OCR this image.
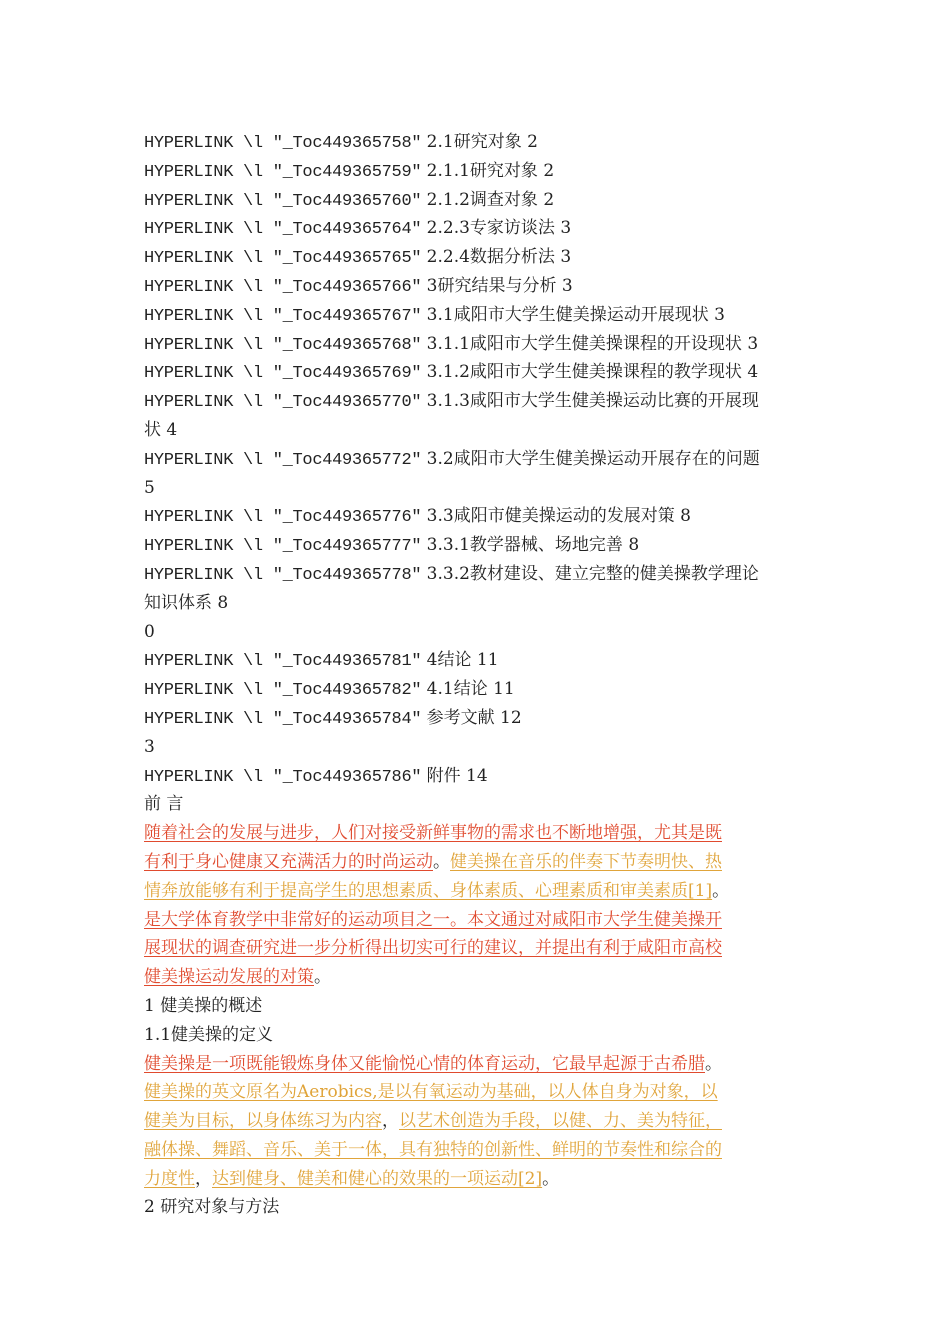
HYPERLINK \l "_Toc449365758" 2.1研究对象 2
HYPERLINK \l "_Toc449365759" 2.1.1研究对象 2
HYPERLINK \l "_Toc449365760" 2.1.2调查对象 2
HYPERLINK \l "_Toc449365764" 2.2.3专家访谈法 3
HYPERLINK \l "_Toc449365765" 2.2.4数据分析法 3
HYPERLINK \l "_Toc449365766" 3研究结果与分析 3
HYPERLINK \l "_Toc449365767" 3.1咸阳市大学生健美操运动开展现状 3
HYPERLINK \l "_Toc449365768" 3.1.1咸阳市大学生健美操课程的开设现状 3
HYPERLINK \l "_Toc449365769" 3.1.2咸阳市大学生健美操课程的教学现状 4
HYPERLINK \l "_Toc449365770" 3.1.3咸阳市大学生健美操运动比赛的开展现
状 4
HYPERLINK \l "_Toc449365772" 3.2咸阳市大学生健美操运动开展存在的问题
5
HYPERLINK \l "_Toc449365776" 3.3咸阳市健美操运动的发展对策 8
HYPERLINK \l "_Toc449365777" 3.3.1教学器械、场地完善 8
HYPERLINK \l "_Toc449365778" 3.3.2教材建设、建立完整的健美操教学理论
知识体系 8
0
HYPERLINK \l "_Toc449365781" 4结论 11
HYPERLINK \l "_Toc449365782" 4.1结论 11
HYPERLINK \l "_Toc449365784" 参考文献 12
3
HYPERLINK \l "_Toc449365786" 附件 14
前 言
随着社会的发展与进步，人们对接受新鲜事物的需求也不断地增强，尤其是既
有利于身心健康又充满活力的时尚运动。健美操在音乐的伴奏下节奏明快、热
情奔放能够有利于提高学生的思想素质、身体素质、心理素质和审美素质[1]。
是大学体育教学中非常好的运动项目之一。本文通过对咸阳市大学生健美操开
展现状的调查研究进一步分析得出切实可行的建议，并提出有利于咸阳市高校
健美操运动发展的对策。
1 健美操的概述
1.1健美操的定义
健美操是一项既能锻炼身体又能愉悦心情的体育运动，它最早起源于古希腊。
健美操的英文原名为Aerobics,是以有氧运动为基础，以人体自身为对象，以
健美为目标，以身体练习为内容，以艺术创造为手段，以健、力、美为特征，
融体操、舞蹈、音乐、美于一体，具有独特的创新性、鲜明的节奏性和综合的
力度性，达到健身、健美和健心的效果的一项运动[2]。
2 研究对象与方法
